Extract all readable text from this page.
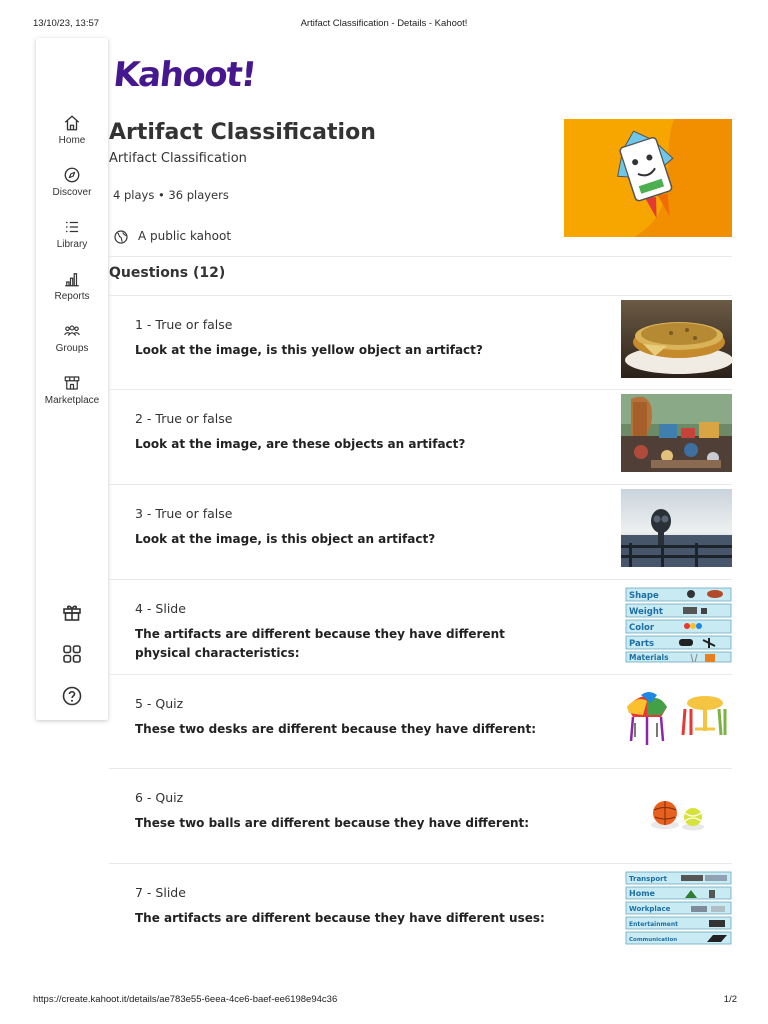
13/10/23, 13:57	Artifact Classification - Details - Kahoot!
https://create.kahoot.it/details/ae783e55-6eea-4ce6-baef-ee6198e94c36	1/2
Home
Discover
Library
Reports
Groups
Marketplace
Kahoot!
Artifact Classification
Artifact Classification
4 plays • 36 players
A public kahoot
Questions (12)
1 - True or false
Look at the image, is this yellow object an artifact?
2 - True or false
Look at the image, are these objects an artifact?
3 - True or false
Look at the image, is this object an artifact?
4 - Slide
The artifacts are different because they have different physical characteristics:
Shape
Weight
Color
Parts
Materials
5 - Quiz
These two desks are different because they have different:
6 - Quiz
These two balls are different because they have different:
7 - Slide
The artifacts are different because they have different uses:
Transport
Home
Workplace
Entertainment
Communication
